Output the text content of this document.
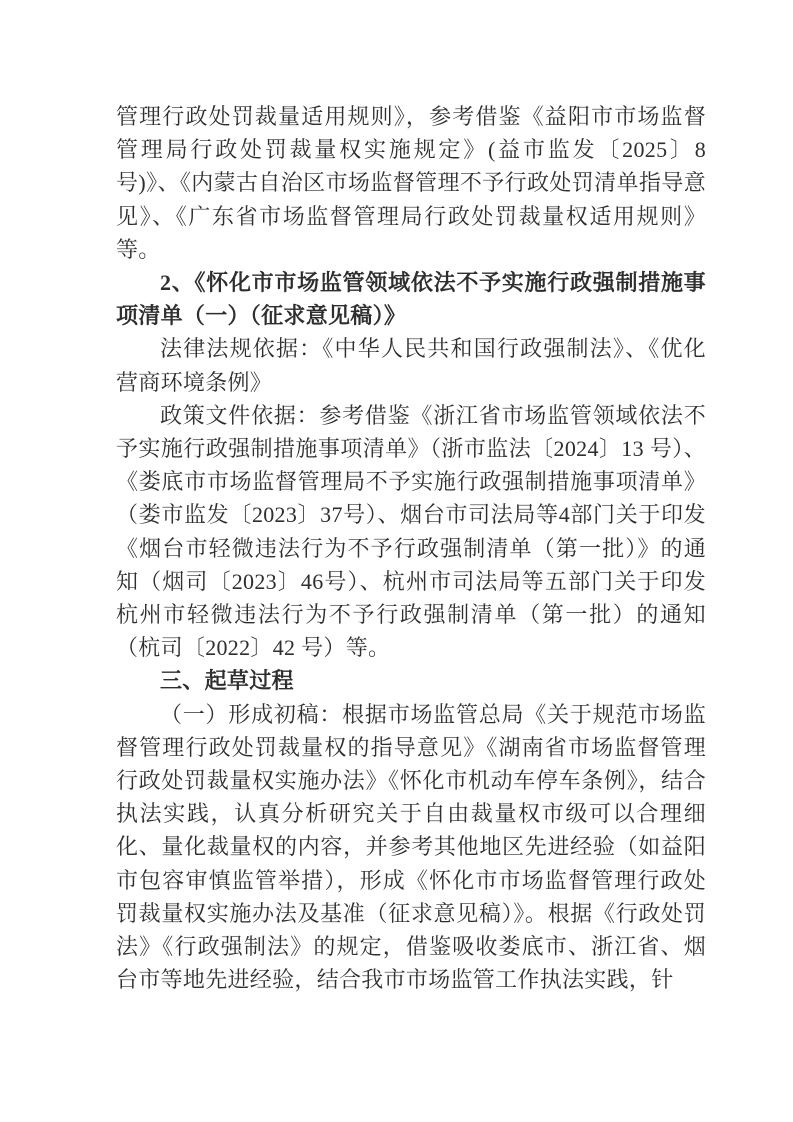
管理行政处罚裁量适用规则》，参考借鉴《益阳市市场监督管理局行政处罚裁量权实施规定》(益市监发〔2025〕8 号)》、《内蒙古自治区市场监督管理不予行政处罚清单指导意见》、《广东省市场监督管理局行政处罚裁量权适用规则》等。

2、《怀化市市场监管领域依法不予实施行政强制措施事项清单（一）（征求意见稿）》

法律法规依据：《中华人民共和国行政强制法》、《优化营商环境条例》

政策文件依据：参考借鉴《浙江省市场监管领域依法不予实施行政强制措施事项清单》（浙市监法〔2024〕13 号）、《娄底市市场监督管理局不予实施行政强制措施事项清单》（娄市监发〔2023〕37号）、烟台市司法局等4部门关于印发《烟台市轻微违法行为不予行政强制清单（第一批）》的通知（烟司〔2023〕46号）、杭州市司法局等五部门关于印发杭州市轻微违法行为不予行政强制清单（第一批）的通知（杭司〔2022〕42 号）等。

三、起草过程

（一）形成初稿：根据市场监管总局《关于规范市场监督管理行政处罚裁量权的指导意见》《湖南省市场监督管理行政处罚裁量权实施办法》《怀化市机动车停车条例》，结合执法实践，认真分析研究关于自由裁量权市级可以合理细化、量化裁量权的内容，并参考其他地区先进经验（如益阳市包容审慎监管举措），形成《怀化市市场监督管理行政处罚裁量权实施办法及基准（征求意见稿）》。根据《行政处罚法》《行政强制法》的规定，借鉴吸收娄底市、浙江省、烟台市等地先进经验，结合我市市场监管工作执法实践，针
